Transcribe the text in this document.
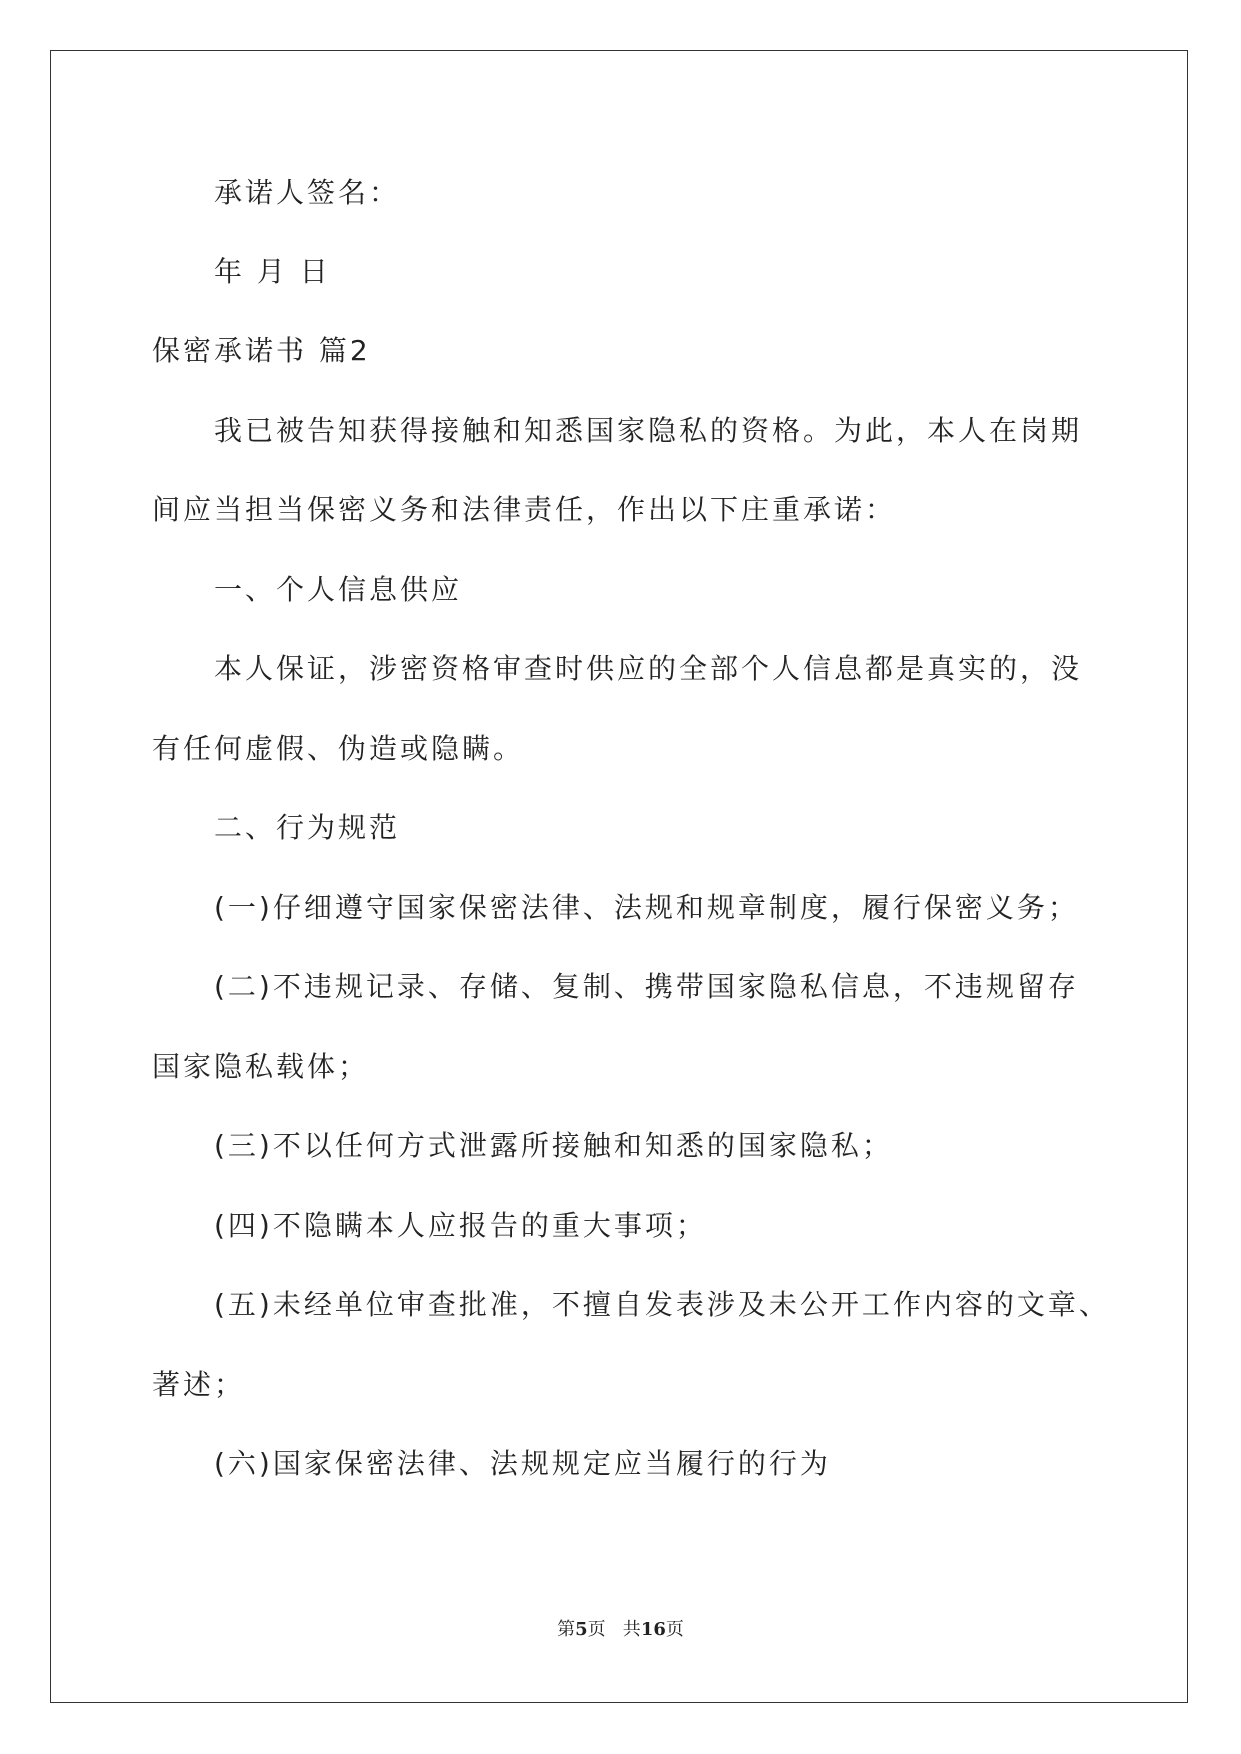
承诺人签名：
年 月 日
保密承诺书 篇2
我已被告知获得接触和知悉国家隐私的资格。为此，本人在岗期
间应当担当保密义务和法律责任，作出以下庄重承诺：
一、个人信息供应
本人保证，涉密资格审查时供应的全部个人信息都是真实的，没
有任何虚假、伪造或隐瞒。
二、行为规范
(一)仔细遵守国家保密法律、法规和规章制度，履行保密义务；
(二)不违规记录、存储、复制、携带国家隐私信息，不违规留存
国家隐私载体；
(三)不以任何方式泄露所接触和知悉的国家隐私；
(四)不隐瞒本人应报告的重大事项；
(五)未经单位审查批准，不擅自发表涉及未公开工作内容的文章、
著述；
(六)国家保密法律、法规规定应当履行的行为
第5页   共16页
